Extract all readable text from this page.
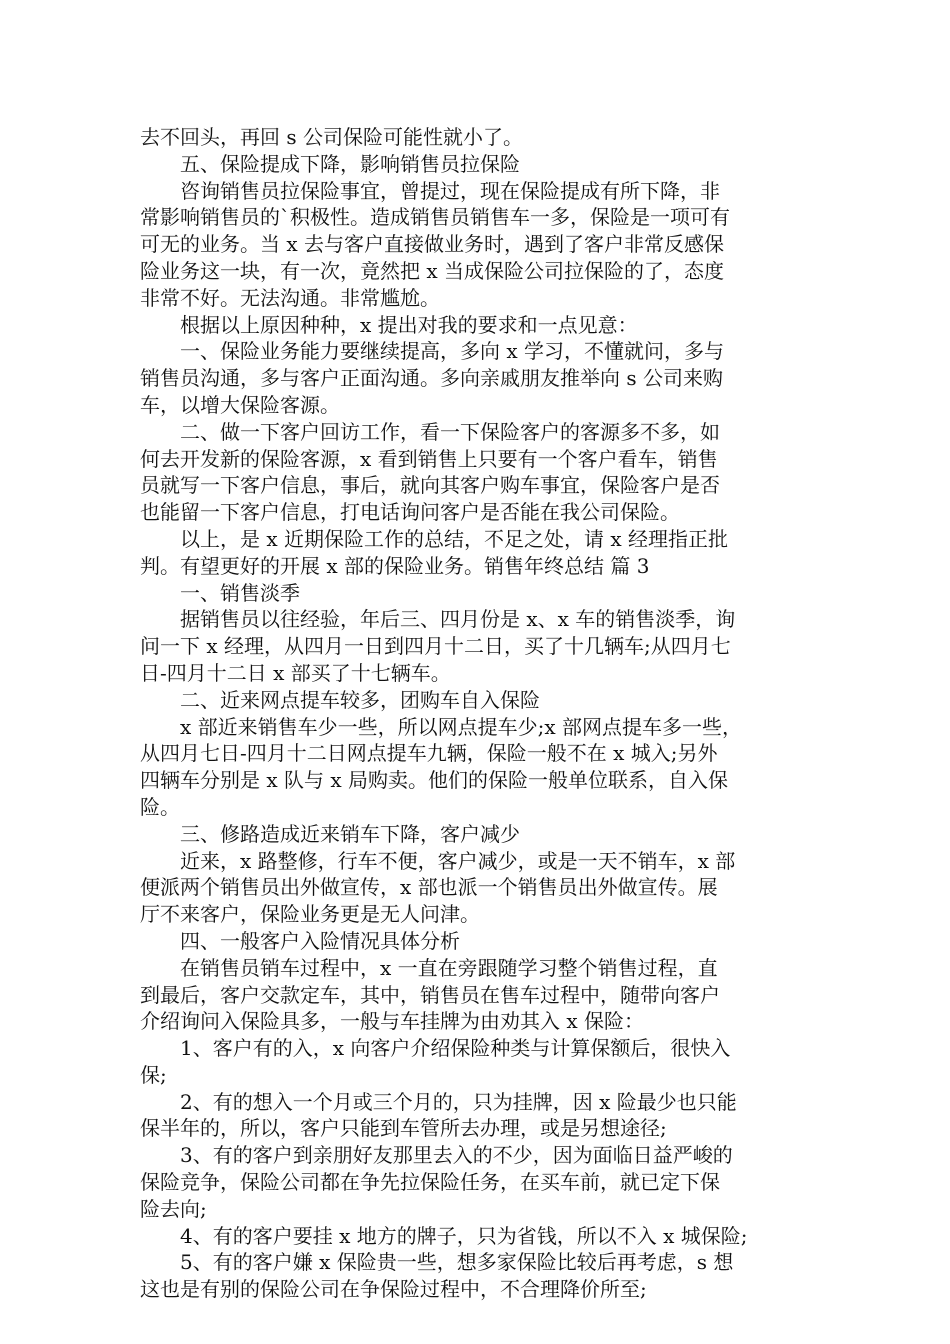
去不回头，再回 s 公司保险可能性就小了。
五、保险提成下降，影响销售员拉保险
咨询销售员拉保险事宜，曾提过，现在保险提成有所下降，非
常影响销售员的`积极性。造成销售员销售车一多，保险是一项可有
可无的业务。当 x 去与客户直接做业务时，遇到了客户非常反感保
险业务这一块，有一次，竟然把 x 当成保险公司拉保险的了，态度
非常不好。无法沟通。非常尴尬。
根据以上原因种种，x 提出对我的要求和一点见意：
一、保险业务能力要继续提高，多向 x 学习，不懂就问，多与
销售员沟通，多与客户正面沟通。多向亲戚朋友推举向 s 公司来购
车，以增大保险客源。
二、做一下客户回访工作，看一下保险客户的客源多不多，如
何去开发新的保险客源，x 看到销售上只要有一个客户看车，销售
员就写一下客户信息，事后，就向其客户购车事宜，保险客户是否
也能留一下客户信息，打电话询问客户是否能在我公司保险。
以上，是 x 近期保险工作的总结，不足之处，请 x 经理指正批
判。有望更好的开展 x 部的保险业务。销售年终总结 篇 3
一、销售淡季
据销售员以往经验，年后三、四月份是 x、x 车的销售淡季，询
问一下 x 经理，从四月一日到四月十二日，买了十几辆车;从四月七
日-四月十二日 x 部买了十七辆车。
二、近来网点提车较多，团购车自入保险
x 部近来销售车少一些，所以网点提车少;x 部网点提车多一些，
从四月七日-四月十二日网点提车九辆，保险一般不在 x 城入;另外
四辆车分别是 x 队与 x 局购卖。他们的保险一般单位联系，自入保
险。
三、修路造成近来销车下降，客户减少
近来，x 路整修，行车不便，客户减少，或是一天不销车，x 部
便派两个销售员出外做宣传，x 部也派一个销售员出外做宣传。展
厅不来客户，保险业务更是无人问津。
四、一般客户入险情况具体分析
在销售员销车过程中，x 一直在旁跟随学习整个销售过程，直
到最后，客户交款定车，其中，销售员在售车过程中，随带向客户
介绍询问入保险具多，一般与车挂牌为由劝其入 x 保险：
1、客户有的入，x 向客户介绍保险种类与计算保额后，很快入
保;
2、有的想入一个月或三个月的，只为挂牌，因 x 险最少也只能
保半年的，所以，客户只能到车管所去办理，或是另想途径;
3、有的客户到亲朋好友那里去入的不少，因为面临日益严峻的
保险竞争，保险公司都在争先拉保险任务，在买车前，就已定下保
险去向;
4、有的客户要挂 x 地方的牌子，只为省钱，所以不入 x 城保险;
5、有的客户嫌 x 保险贵一些，想多家保险比较后再考虑，s 想
这也是有别的保险公司在争保险过程中，不合理降价所至;
